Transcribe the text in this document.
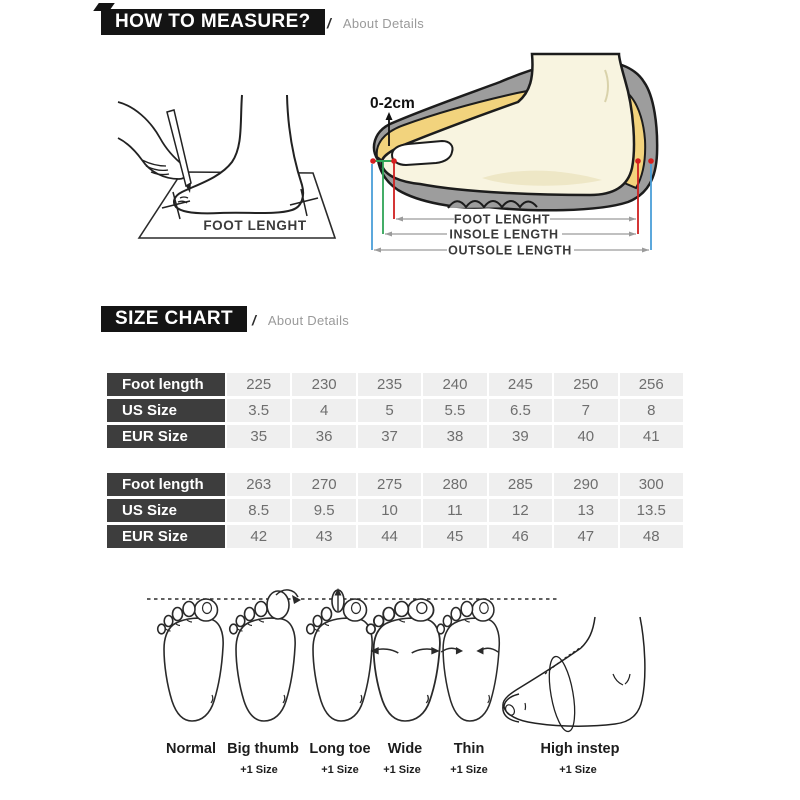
HOW TO MEASURE?	/ About Details
FOOT LENGHT
0-2cm
FOOT LENGHT
INSOLE LENGTH
OUTSOLE LENGTH
SIZE CHART	/ About Details
Foot length	225	230	235	240	245	250	256
US Size	3.5	4	5	5.5	6.5	7	8
EUR Size	35	36	37	38	39	40	41
Foot length	263	270	275	280	285	290	300
US Size	8.5	9.5	10	11	12	13	13.5
EUR Size	42	43	44	45	46	47	48
Normal Big thumb Long toe Wide Thin	High instep
+1 Size	+1 Size +1 Size	+1 Size	+1 Size
